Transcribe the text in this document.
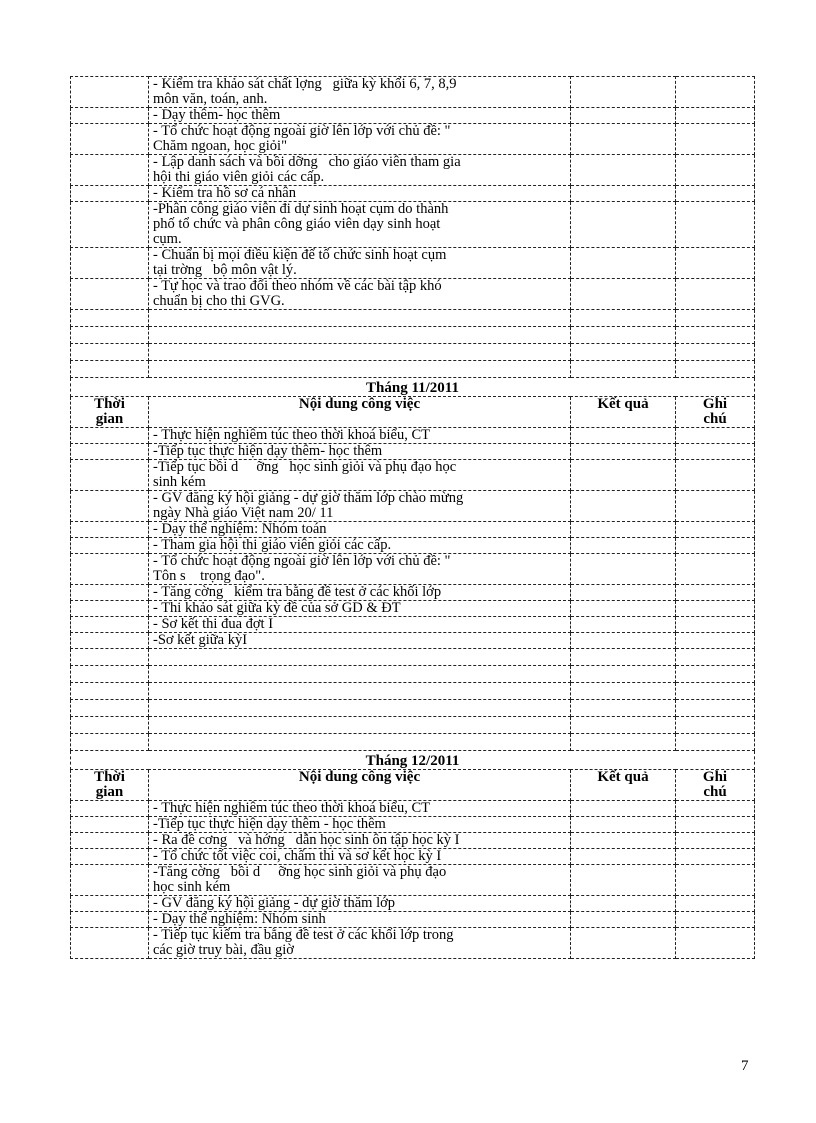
	- Kiểm tra khảo sát chất lợng   giữa kỳ khối 6, 7, 8,9
môn văn, toán, anh.		
	- Dạy thêm- học thêm		
	- Tổ chức hoạt động ngoài giờ lên lớp với chủ đề: "
Chăm ngoan, học giỏi"		
	- Lập danh sách và bồi dỡng   cho giáo viên tham gia
hội thi giáo viên giỏi các cấp.		
	- Kiểm tra hồ sơ cá nhân		
	-Phân công giáo viên đi dự sinh hoạt cụm do thành
phố tổ chức và phân công giáo viên dạy sinh hoạt
cụm.		
	- Chuẩn bị mọi điều kiện để tổ chức sinh hoạt cụm
tại trờng   bộ môn vật lý.		
	- Tự học và trao đổi theo nhóm về các bài tập khó
chuẩn bị cho thi GVG.		

Tháng 11/2011			
Thời
gian	Nội dung công việc	Kết quả	Ghi
chú
	- Thực hiện nghiêm túc theo thời khoá biểu, CT		
	-Tiếp tục thực hiện dạy thêm- học thêm		
	-Tiếp tục bồi d     ỡng   học sinh giỏi và phụ đạo học
sinh kém		
	- GV đăng ký hội giảng - dự giờ thăm lớp chào mừng
ngày Nhà giáo Việt nam 20/ 11		
	- Dạy thể nghiệm: Nhóm toán		
	- Tham gia hội thi giáo viên giỏi các cấp.		
	- Tổ chức hoạt động ngoài giờ lên lớp với chủ đề: "
Tôn s    trọng đạo".		
	- Tăng cờng   kiểm tra bằng đề test ở các khối lớp		
	- Thi khảo sát giữa kỳ đề của sở GD & ĐT		
	- Sơ kết thi đua đợt I		
	-Sơ kết giữa kỳI		

Tháng 12/2011			
Thời
gian	Nội dung công việc	Kết quả	Ghi
chú
	- Thực hiện nghiêm túc theo thời khoá biểu, CT		
	-Tiếp tục thực hiện dạy thêm - học thêm		
	- Ra đề cơng   và hớng   dẫn học sinh ôn tập học kỳ I		
	- Tổ chức tốt việc coi, chấm thi và sơ kết học kỳ I		
	-Tăng cờng   bồi d     ỡng học sinh giỏi và phụ đạo
học sinh kém		
	- GV đăng ký hội giảng - dự giờ thăm lớp		
	- Dạy thể nghiệm: Nhóm sinh		
	- Tiếp tục kiểm tra bằng đề test ở các khối lớp trong
các giờ truy bài, đầu giờ		
7
